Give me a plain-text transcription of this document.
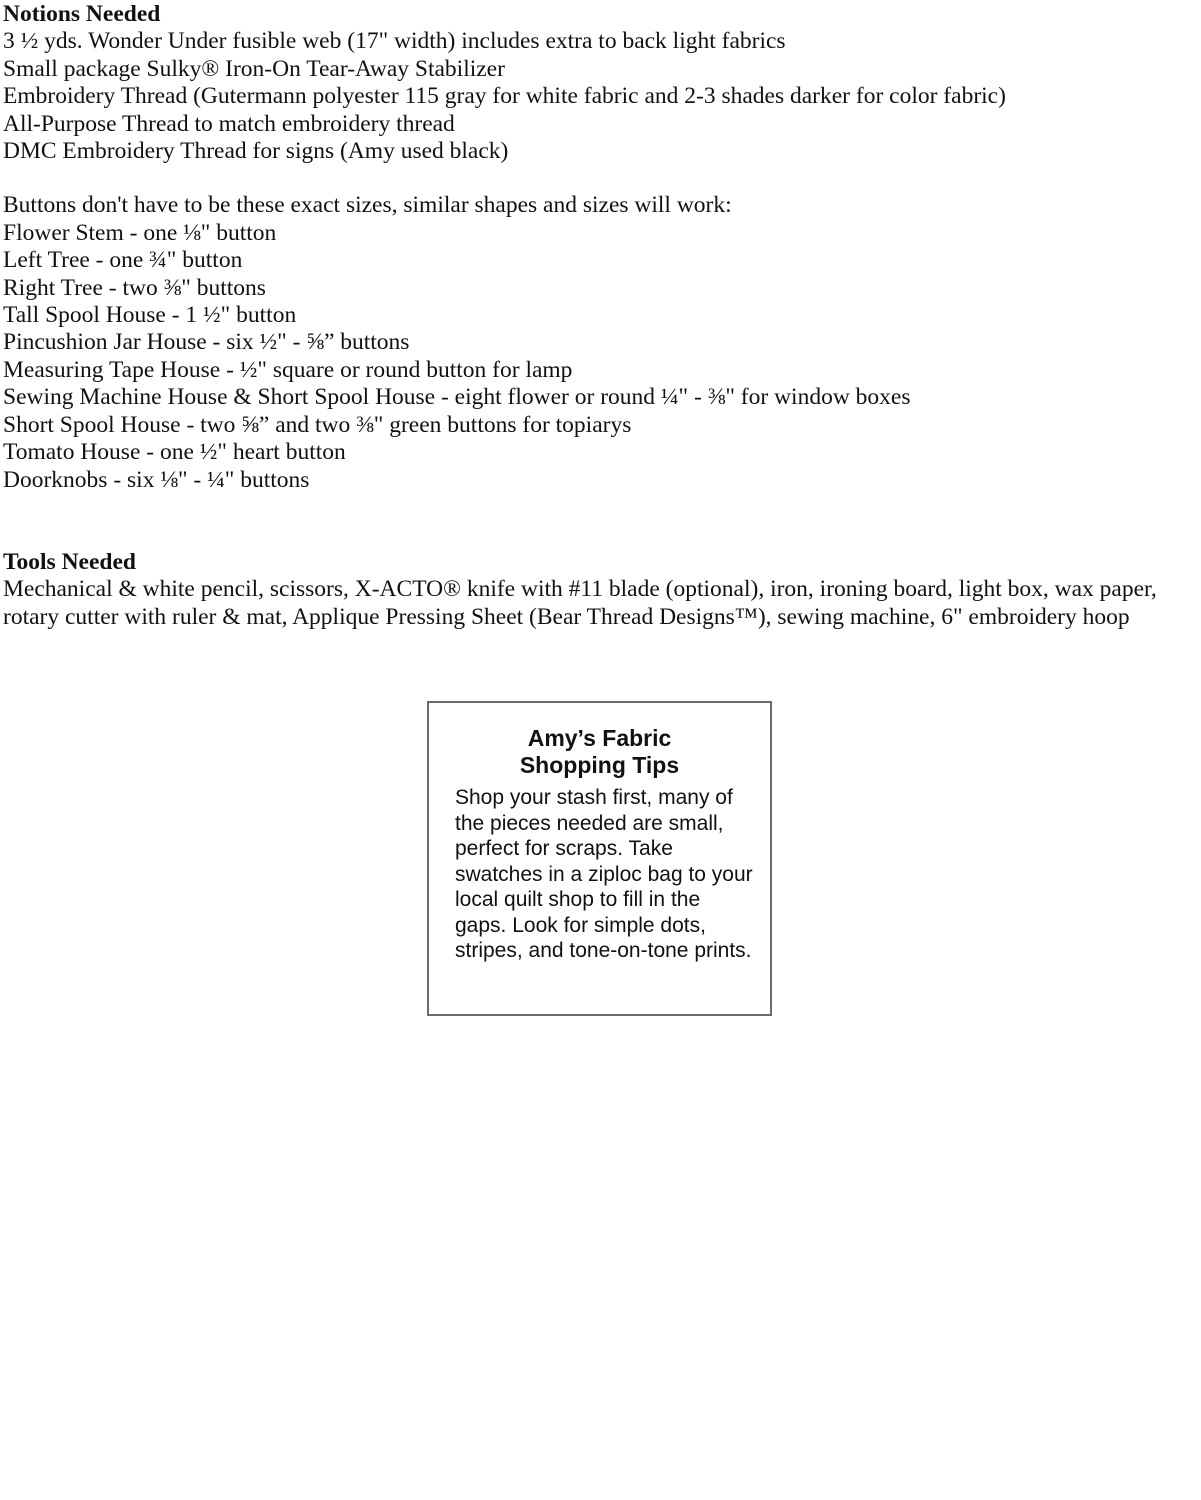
Notions Needed

3 ½ yds. Wonder Under fusible web (17" width) includes extra to back light fabrics

Small package Sulky® Iron-On Tear-Away Stabilizer

Embroidery Thread (Gutermann polyester 115 gray for white fabric and 2-3 shades darker for color fabric)

All-Purpose Thread to match embroidery thread

DMC Embroidery Thread for signs (Amy used black)

Buttons don't have to be these exact sizes, similar shapes and sizes will work:

Flower Stem - one ⅛" button

Left Tree - one ¾" button

Right Tree - two ⅜" buttons

Tall Spool House - 1 ½" button

Pincushion Jar House - six ½" - ⅝” buttons

Measuring Tape House - ½" square or round button for lamp

Sewing Machine House & Short Spool House - eight flower or round ¼" - ⅜" for window boxes

Short Spool House - two ⅝” and two ⅜" green buttons for topiarys

Tomato House - one ½" heart button

Doorknobs - six ⅛" - ¼" buttons

Tools Needed

Mechanical & white pencil, scissors, X-ACTO® knife with #11 blade (optional), iron, ironing board, light box, wax paper, rotary cutter with ruler & mat, Applique Pressing Sheet (Bear Thread Designs™), sewing machine, 6" embroidery hoop

Amy’s Fabric
Shopping Tips
Shop your stash first, many of the pieces needed are small, perfect for scraps. Take swatches in a ziploc bag to your local quilt shop to fill in the gaps. Look for simple dots, stripes, and tone-on-tone prints.
